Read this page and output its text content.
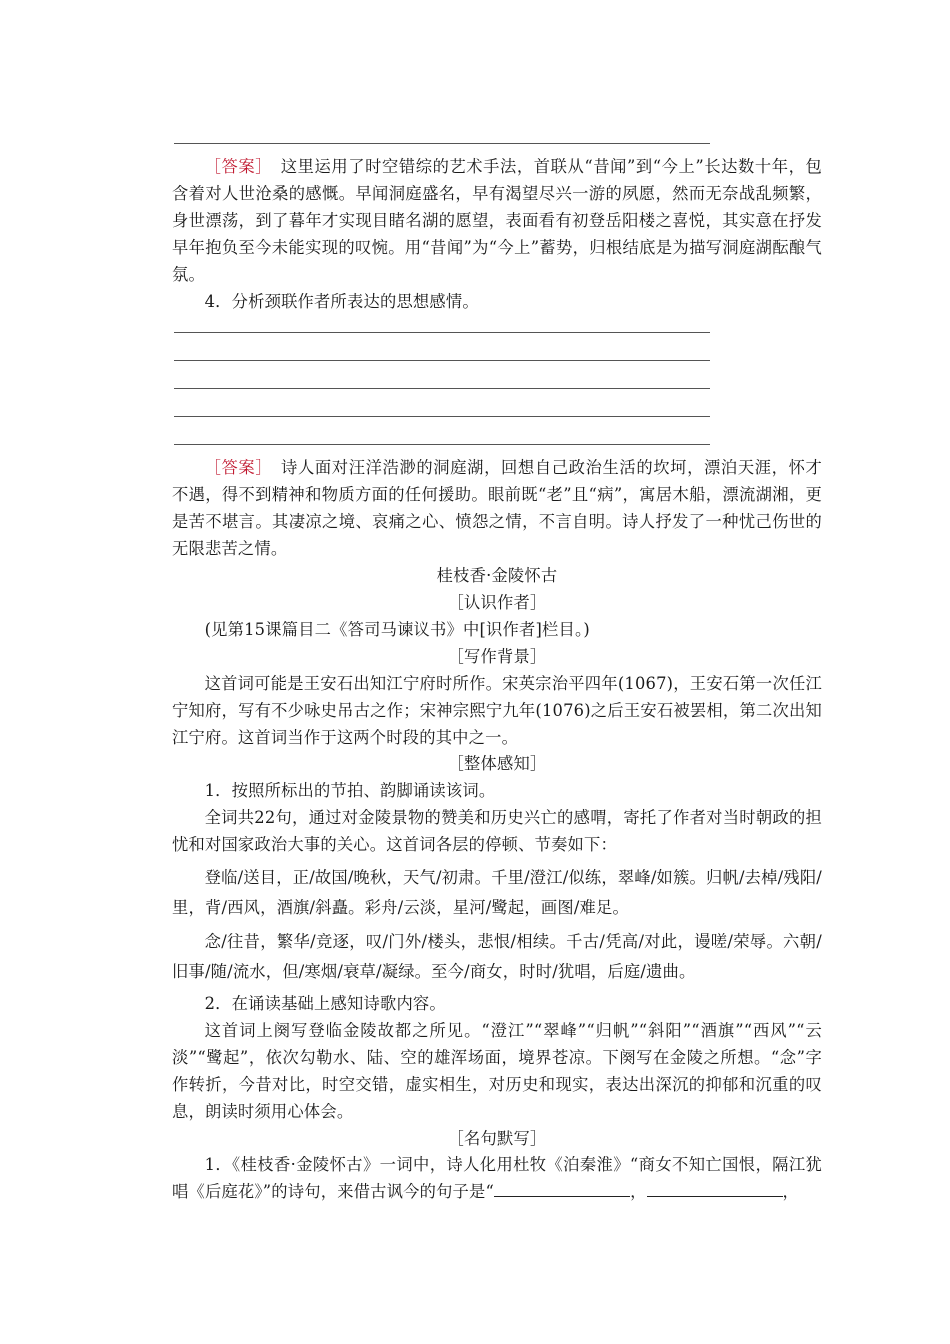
［答案］　这里运用了时空错综的艺术手法，首联从“昔闻”到“今上”长达数十年，包含着对人世沧桑的感慨。早闻洞庭盛名，早有渴望尽兴一游的夙愿，然而无奈战乱频繁，身世漂荡，到了暮年才实现目睹名湖的愿望，表面看有初登岳阳楼之喜悦，其实意在抒发早年抱负至今未能实现的叹惋。用“昔闻”为“今上”蓄势，归根结底是为描写洞庭湖酝酿气氛。

4．分析颈联作者所表达的思想感情。

［答案］　诗人面对汪洋浩渺的洞庭湖，回想自己政治生活的坎坷，漂泊天涯，怀才不遇，得不到精神和物质方面的任何援助。眼前既“老”且“病”，寓居木船，漂流湖湘，更是苦不堪言。其凄凉之境、哀痛之心、愤怨之情，不言自明。诗人抒发了一种忧己伤世的无限悲苦之情。

桂枝香·金陵怀古

［认识作者］

(见第15课篇目二《答司马谏议书》中[识作者]栏目。)

［写作背景］

这首词可能是王安石出知江宁府时所作。宋英宗治平四年(1067)，王安石第一次任江宁知府，写有不少咏史吊古之作；宋神宗熙宁九年(1076)之后王安石被罢相，第二次出知江宁府。这首词当作于这两个时段的其中之一。

［整体感知］

1．按照所标出的节拍、韵脚诵读该词。

全词共22句，通过对金陵景物的赞美和历史兴亡的感喟，寄托了作者对当时朝政的担忧和对国家政治大事的关心。这首词各层的停顿、节奏如下：

登临/送目，正/故国/晚秋，天气/初肃。千里/澄江/似练，翠峰/如簇。归帆/去棹/残阳/里，背/西风，酒旗/斜矗。彩舟/云淡，星河/鹭起，画图/难足。

念/往昔，繁华/竞逐，叹/门外/楼头，悲恨/相续。千古/凭高/对此，谩嗟/荣辱。六朝/旧事/随/流水，但/寒烟/衰草/凝绿。至今/商女，时时/犹唱，后庭/遗曲。

2．在诵读基础上感知诗歌内容。

这首词上阕写登临金陵故都之所见。“澄江”“翠峰”“归帆”“斜阳”“酒旗”“西风”“云淡”“鹭起”，依次勾勒水、陆、空的雄浑场面，境界苍凉。下阕写在金陵之所想。“念”字作转折，今昔对比，时空交错，虚实相生，对历史和现实，表达出深沉的抑郁和沉重的叹息，朗读时须用心体会。

［名句默写］

1．《桂枝香·金陵怀古》一词中，诗人化用杜牧《泊秦淮》“商女不知亡国恨，隔江犹唱《后庭花》”的诗句，来借古讽今的句子是“	，	，
